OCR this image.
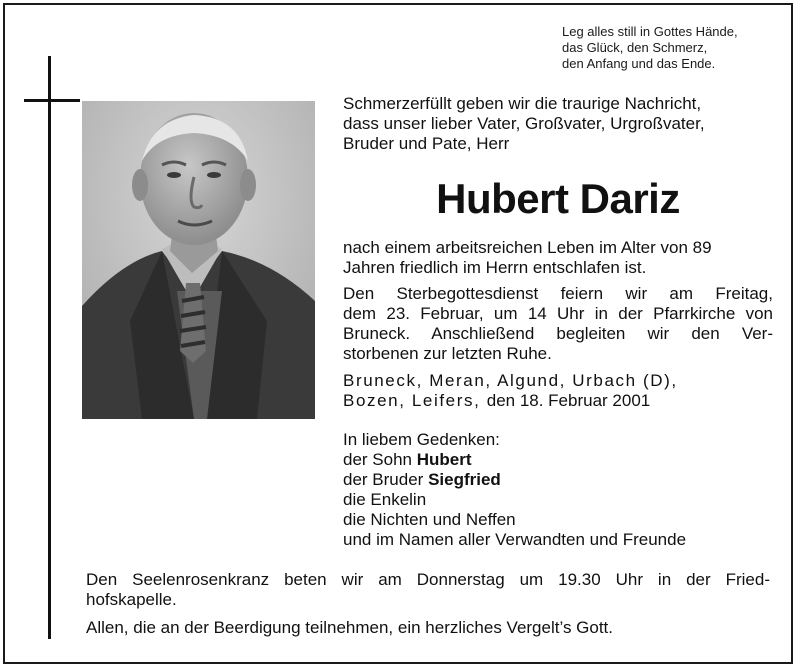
Leg alles still in Gottes Hände,
das Glück, den Schmerz,
den Anfang und das Ende.
Schmerzerfüllt geben wir die traurige Nachricht,
dass unser lieber Vater, Großvater, Urgroßvater,
Bruder und Pate, Herr
Hubert Dariz
nach einem arbeitsreichen Leben im Alter von 89
Jahren friedlich im Herrn entschlafen ist.
Den Sterbegottesdienst feiern wir am Freitag,
dem 23. Februar, um 14 Uhr in der Pfarrkirche von
Bruneck. Anschließend begleiten wir den Ver-
storbenen zur letzten Ruhe.
Bruneck, Meran, Algund, Urbach (D),
Bozen, Leifers, den 18. Februar 2001
In liebem Gedenken:
der Sohn Hubert
der Bruder Siegfried
die Enkelin
die Nichten und Neffen
und im Namen aller Verwandten und Freunde
Den Seelenrosenkranz beten wir am Donnerstag um 19.30 Uhr in der Fried-
hofskapelle.
Allen, die an der Beerdigung teilnehmen, ein herzliches Vergelt’s Gott.
